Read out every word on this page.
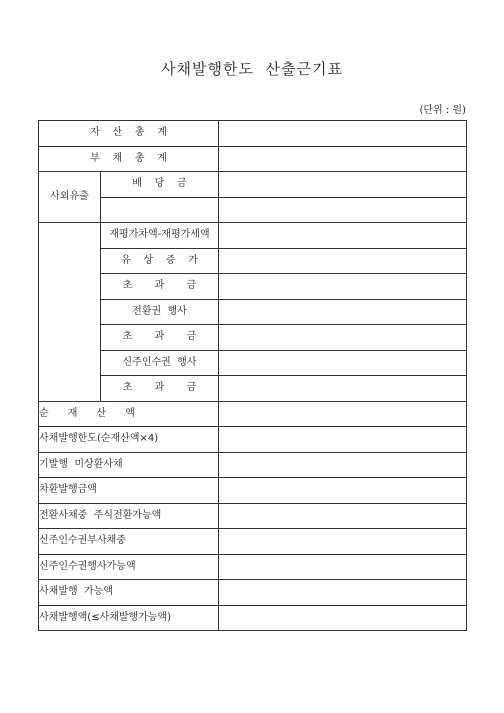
사채발행한도  산출근기표
(단위 : 원)
자    산    총    계		
부    채    총    계		
사외유출	배    당    금	

	재평가차액-재평가세액	
	유    상    증    가	
	초       과       금	
	전환권  행사	
	초       과       금	
	신주인수권  행사	
	초       과       금	
순      재      산      액		
사채발행한도(순재산액×4)		
기발행  미상환사채		
차환발행금액		
전환사채중  주식전환가능액		
신주인수권부사채중		
신주인수권행사가능액		
사채발행  가능액		
사채발행액(≤사채발행가능액)		
